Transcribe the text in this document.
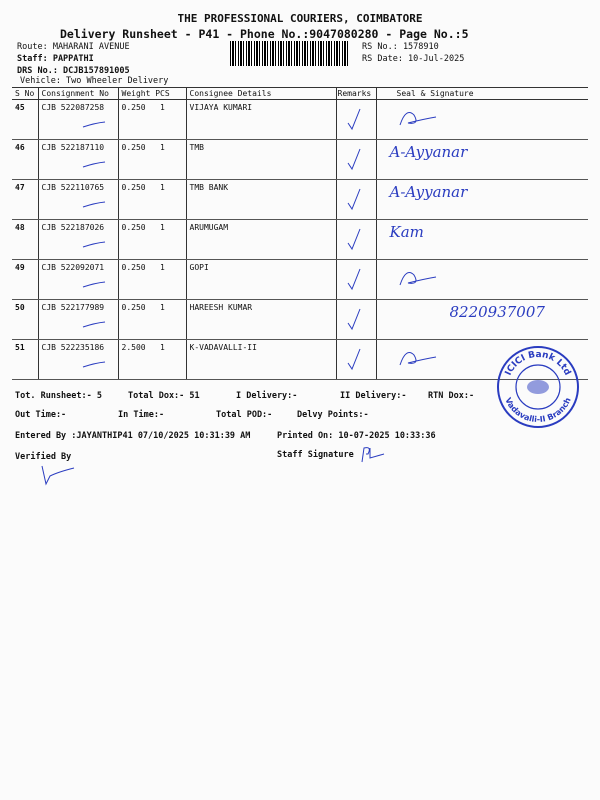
THE PROFESSIONAL COURIERS, COIMBATORE
Delivery Runsheet - P41 - Phone No.:9047080280 - Page No.:5
Route: MAHARANI AVENUE
Staff: PAPPATHI
DRS No.: DCJB157891005
Vehicle: Two Wheeler Delivery
RS No.: 1578910
RS Date: 10-Jul-2025
S No	Consignment No	Weight PCS	Consignee Details	Remarks	Seal & Signature
45	CJB 522087258	0.250 1	VIJAYA KUMARI		
46	CJB 522187110	0.250 1	TMB		A-Ayyanar
47	CJB 522110765	0.250 1	TMB BANK		A-Ayyanar
48	CJB 522187026	0.250 1	ARUMUGAM		Kam
49	CJB 522092071	0.250 1	GOPI		
50	CJB 522177989	0.250 1	HAREESH KUMAR		8220937007
51	CJB 522235186	2.500 1	K-VADAVALLI-II		
Tot. Runsheet:- 5	Total Dox:- 51	I Delivery:-	II Delivery:-	RTN Dox:-
Out Time:-	In Time:-	Total POD:-	Delvy Points:-
Entered By :JAYANTHIP41 07/10/2025 10:31:39 AM	Printed On: 10-07-2025 10:33:36
Verified By	Staff Signature
ICICI Bank Ltd
Vadavalli-II Branch
